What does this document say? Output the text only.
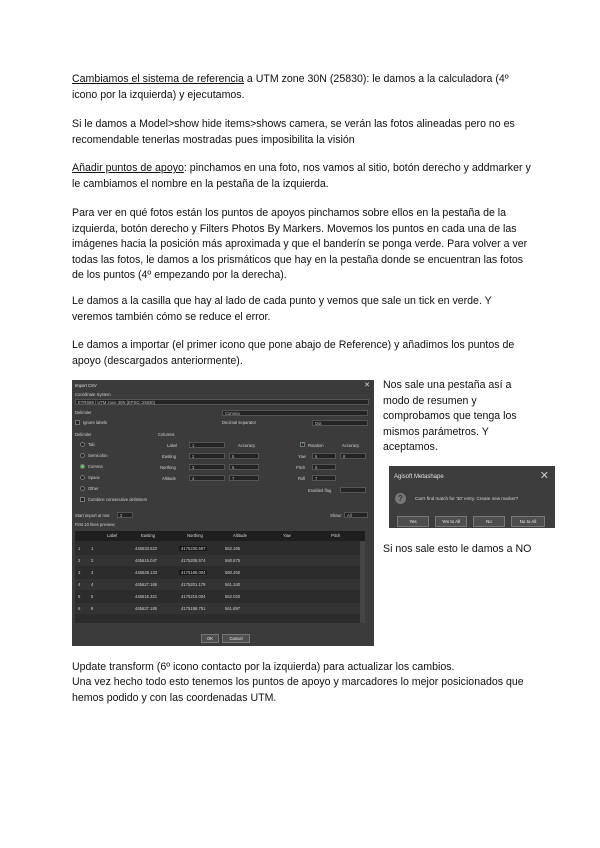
Cambiamos el sistema de referencia a UTM zone 30N (25830): le damos a la calculadora (4º icono por la izquierda) y ejecutamos.

Si le damos a Model>show hide items>shows camera, se verán las fotos alineadas pero no es recomendable tenerlas mostradas pues imposibilita la visión

Añadir puntos de apoyo: pinchamos en una foto, nos vamos al sitio, botón derecho y addmarker y le cambiamos el nombre en la pestaña de la izquierda.

Para ver en qué fotos están los puntos de apoyos pinchamos sobre ellos en la pestaña de la izquierda, botón derecho y Filters Photos By Markers. Movemos los puntos en cada una de las imágenes hacia la posición más aproximada y que el banderín se ponga verde. Para volver a ver todas las fotos, le damos a los prismáticos que hay en la pestaña donde se encuentran las fotos de los puntos (4º empezando por la derecha).

Le damos a la casilla que hay al lado de cada punto y vemos que sale un tick en verde. Y veremos también cómo se reduce el error.

Le damos a importar (el primer icono que pone abajo de Reference) y añadimos los puntos de apoyo (descargados anteriormente).

Import CSV	✕
Coordinate System
ETRS89 / UTM zone 30N (EPSG::25830)
Delimiter	Comma
Ignore labels	Decimal separator	Dot
Delimiter	Columns
Tab
Semicolon
Comma
Space
Other
Combine consecutive delimiters
Label	1	Accuracy
Easting	2	5
Northing	3	6
Altitude	4	7
✓
Rotation	Accuracy
Yaw	5	8
Pitch	6
Roll	7
Enabled flag
Start import at row:	2
First 10 lines preview:
Show:	All
Label	Easting	Northing	Altitude	Yaw	Pitch
1	1	445633.522	4175230.597	562.165
2	2	445615.047	4175208.574	560.875
3	3	445649.133	4175188.004	560.450
4	4	445627.166	4175201.178	561.340
5	5	445615.321	4175215.004	562.020
6	6	445637.185	4175198.751	561.897
OK	Cancel

Nos sale una pestaña así a modo de resumen y comprobamos que tenga los mismos parámetros. Y aceptamos.

Agisoft Metashape	✕
?	Can't find match for '30' entry. Create new marker?
Yes	Yes to All	No	No to All

Si nos sale esto le damos a NO

Update transform (6º icono contacto por la izquierda) para actualizar los cambios.

Una vez hecho todo esto tenemos los puntos de apoyo y marcadores lo mejor posicionados que hemos podido y con las coordenadas UTM.
